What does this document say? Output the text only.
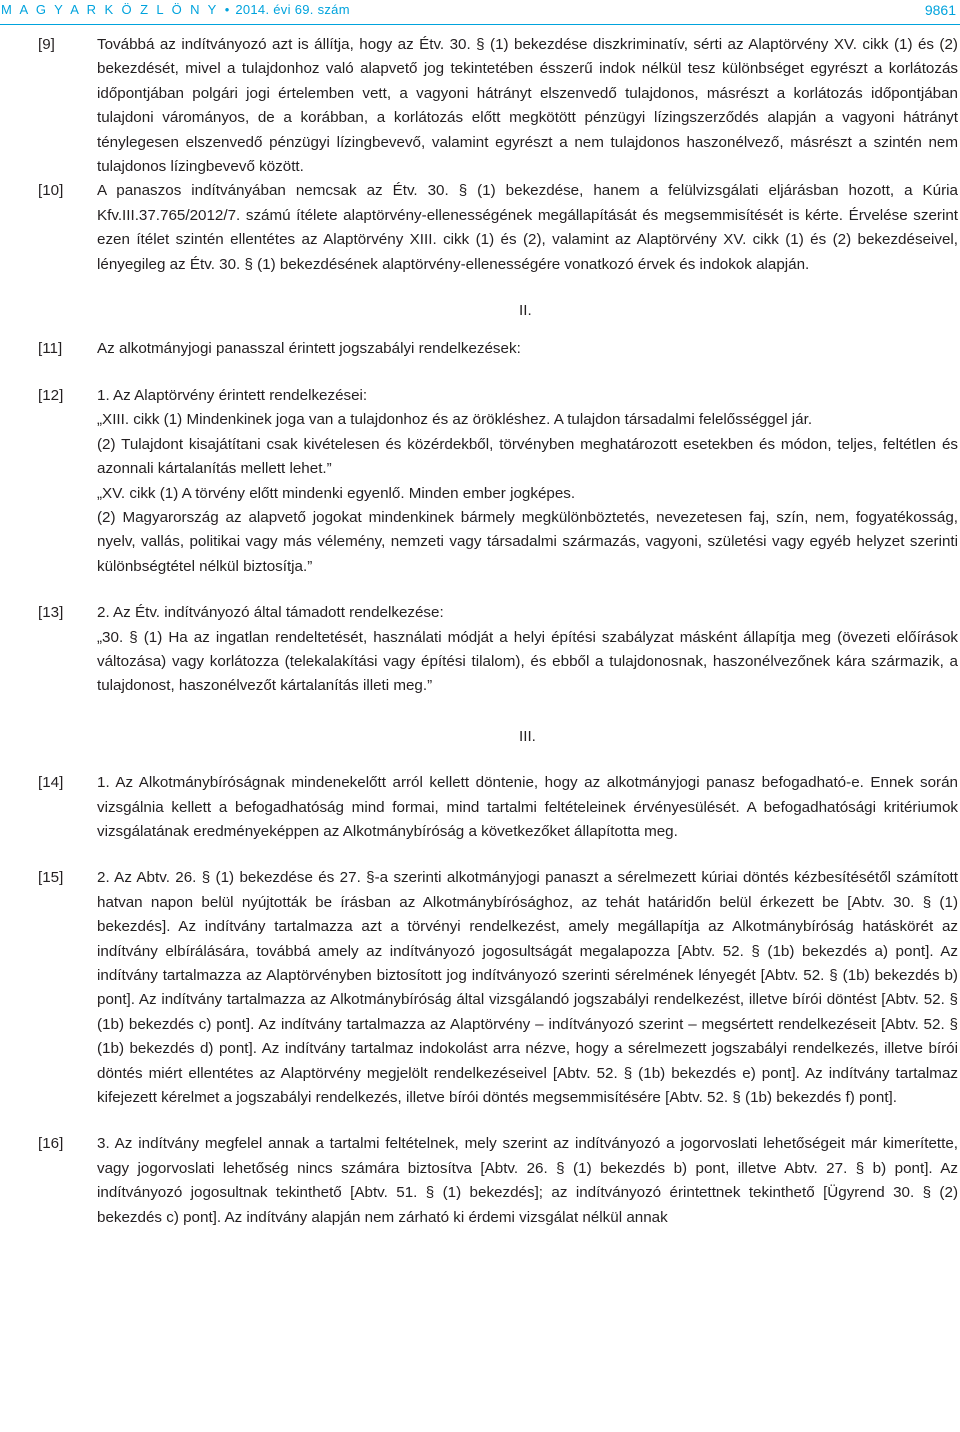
M A G Y A R K Ö Z L Ö N Y • 2014. évi 69. szám	9861
[9]	Továbbá az indítványozó azt is állítja, hogy az Étv. 30. § (1) bekezdése diszkriminatív, sérti az Alaptörvény XV. cikk (1) és (2) bekezdését, mivel a tulajdonhoz való alapvető jog tekintetében ésszerű indok nélkül tesz különbséget egyrészt a korlátozás időpontjában polgári jogi értelemben vett, a vagyoni hátrányt elszenvedő tulajdonos, másrészt a korlátozás időpontjában tulajdoni várományos, de a korábban, a korlátozás előtt megkötött pénzügyi lízingszerződés alapján a vagyoni hátrányt ténylegesen elszenvedő pénzügyi lízingbevevő, valamint egyrészt a nem tulajdonos haszonélvező, másrészt a szintén nem tulajdonos lízingbevevő között.

[10] A panaszos indítványában nemcsak az Étv. 30. § (1) bekezdése, hanem a felülvizsgálati eljárásban hozott, a Kúria Kfv.III.37.765/2012/7. számú ítélete alaptörvény-ellenességének megállapítását és megsemmisítését is kérte. Érvelése szerint ezen ítélet szintén ellentétes az Alaptörvény XIII. cikk (1) és (2), valamint az Alaptörvény XV. cikk (1) és (2) bekezdéseivel, lényegileg az Étv. 30. § (1) bekezdésének alaptörvény-ellenességére vonatkozó érvek és indokok alapján.

II.
[11] Az alkotmányjogi panasszal érintett jogszabályi rendelkezések:

[12] 1. Az Alaptörvény érintett rendelkezései:

„XIII. cikk (1) Mindenkinek joga van a tulajdonhoz és az örökléshez. A tulajdon társadalmi felelősséggel jár.

(2) Tulajdont kisajátítani csak kivételesen és közérdekből, törvényben meghatározott esetekben és módon, teljes, feltétlen és azonnali kártalanítás mellett lehet.”

„XV. cikk (1) A törvény előtt mindenki egyenlő. Minden ember jogképes.

(2) Magyarország az alapvető jogokat mindenkinek bármely megkülönböztetés, nevezetesen faj, szín, nem, fogyatékosság, nyelv, vallás, politikai vagy más vélemény, nemzeti vagy társadalmi származás, vagyoni, születési vagy egyéb helyzet szerinti különbségtétel nélkül biztosítja.”

[13] 2. Az Étv. indítványozó által támadott rendelkezése:

„30. § (1) Ha az ingatlan rendeltetését, használati módját a helyi építési szabályzat másként állapítja meg (övezeti előírások változása) vagy korlátozza (telekalakítási vagy építési tilalom), és ebből a tulajdonosnak, haszonélvezőnek kára származik, a tulajdonost, haszonélvezőt kártalanítás illeti meg.”

III.
[14] 1. Az Alkotmánybíróságnak mindenekelőtt arról kellett döntenie, hogy az alkotmányjogi panasz befogadható-e. Ennek során vizsgálnia kellett a befogadhatóság mind formai, mind tartalmi feltételeinek érvényesülését. A befogadhatósági kritériumok vizsgálatának eredményeképpen az Alkotmánybíróság a következőket állapította meg.

[15] 2. Az Abtv. 26. § (1) bekezdése és 27. §-a szerinti alkotmányjogi panaszt a sérelmezett kúriai döntés kézbesítésétől számított hatvan napon belül nyújtották be írásban az Alkotmánybírósághoz, az tehát határidőn belül érkezett be [Abtv. 30. § (1) bekezdés]. Az indítvány tartalmazza azt a törvényi rendelkezést, amely megállapítja az Alkotmánybíróság hatáskörét az indítvány elbírálására, továbbá amely az indítványozó jogosultságát megalapozza [Abtv. 52. § (1b) bekezdés a) pont]. Az indítvány tartalmazza az Alaptörvényben biztosított jog indítványozó szerinti sérelmének lényegét [Abtv. 52. § (1b) bekezdés b) pont]. Az indítvány tartalmazza az Alkotmánybíróság által vizsgálandó jogszabályi rendelkezést, illetve bírói döntést [Abtv. 52. § (1b) bekezdés c) pont]. Az indítvány tartalmazza az Alaptörvény – indítványozó szerint – megsértett rendelkezéseit [Abtv. 52. § (1b) bekezdés d) pont]. Az indítvány tartalmaz indokolást arra nézve, hogy a sérelmezett jogszabályi rendelkezés, illetve bírói döntés miért ellentétes az Alaptörvény megjelölt rendelkezéseivel [Abtv. 52. § (1b) bekezdés e) pont]. Az indítvány tartalmaz kifejezett kérelmet a jogszabályi rendelkezés, illetve bírói döntés megsemmisítésére [Abtv. 52. § (1b) bekezdés f) pont].

[16] 3. Az indítvány megfelel annak a tartalmi feltételnek, mely szerint az indítványozó a jogorvoslati lehetőségeit már kimerítette, vagy jogorvoslati lehetőség nincs számára biztosítva [Abtv. 26. § (1) bekezdés b) pont, illetve Abtv. 27. § b) pont]. Az indítványozó jogosultnak tekinthető [Abtv. 51. § (1) bekezdés]; az indítványozó érintettnek tekinthető [Ügyrend 30. § (2) bekezdés c) pont]. Az indítvány alapján nem zárható ki érdemi vizsgálat nélkül annak
